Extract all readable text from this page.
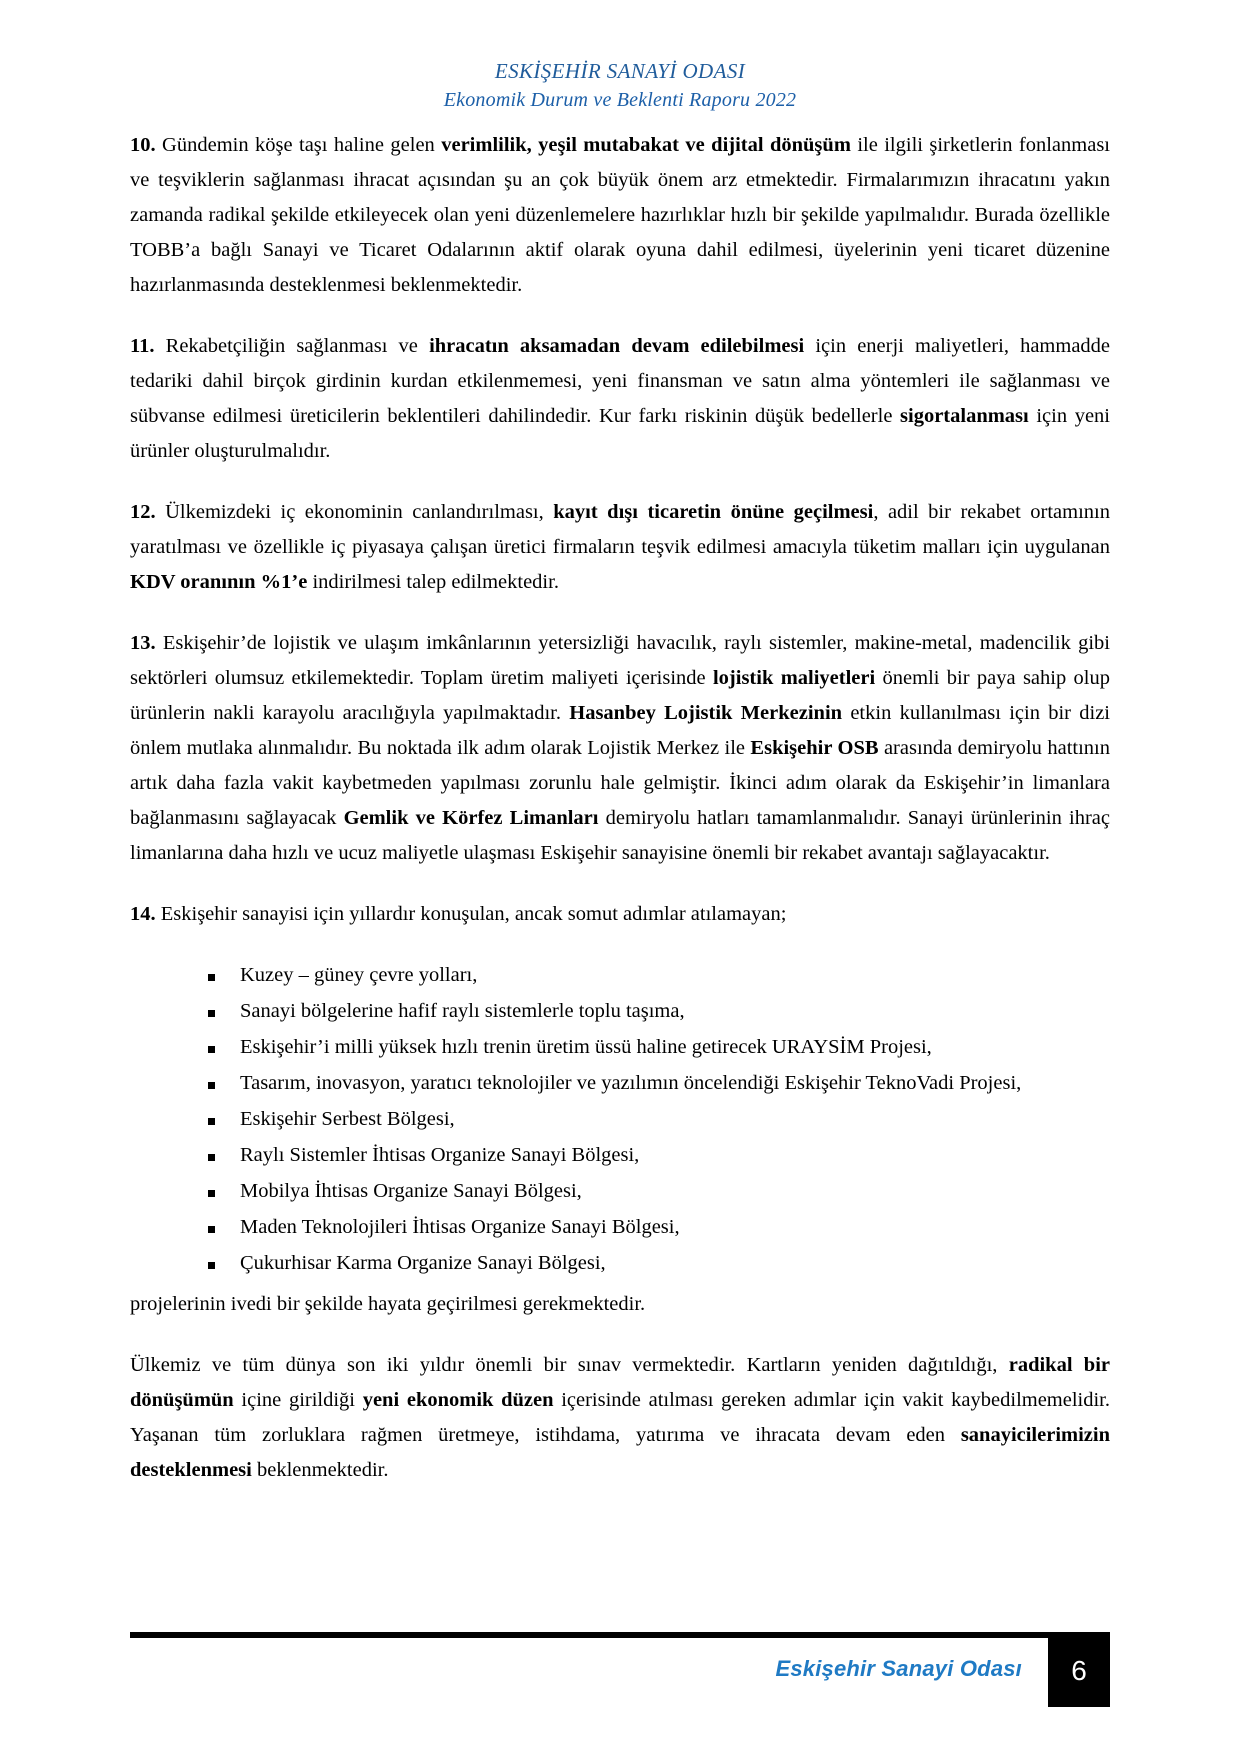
ESKİŞEHİR SANAYİ ODASI
Ekonomik Durum ve Beklenti Raporu 2022

10. Gündemin köşe taşı haline gelen verimlilik, yeşil mutabakat ve dijital dönüşüm ile ilgili şirketlerin fonlanması ve teşviklerin sağlanması ihracat açısından şu an çok büyük önem arz etmektedir. Firmalarımızın ihracatını yakın zamanda radikal şekilde etkileyecek olan yeni düzenlemelere hazırlıklar hızlı bir şekilde yapılmalıdır. Burada özellikle TOBB’a bağlı Sanayi ve Ticaret Odalarının aktif olarak oyuna dahil edilmesi, üyelerinin yeni ticaret düzenine hazırlanmasında desteklenmesi beklenmektedir.

11. Rekabetçiliğin sağlanması ve ihracatın aksamadan devam edilebilmesi için enerji maliyetleri, hammadde tedariki dahil birçok girdinin kurdan etkilenmemesi, yeni finansman ve satın alma yöntemleri ile sağlanması ve sübvanse edilmesi üreticilerin beklentileri dahilindedir. Kur farkı riskinin düşük bedellerle sigortalanması için yeni ürünler oluşturulmalıdır.

12. Ülkemizdeki iç ekonominin canlandırılması, kayıt dışı ticaretin önüne geçilmesi, adil bir rekabet ortamının yaratılması ve özellikle iç piyasaya çalışan üretici firmaların teşvik edilmesi amacıyla tüketim malları için uygulanan KDV oranının %1’e indirilmesi talep edilmektedir.

13. Eskişehir’de lojistik ve ulaşım imkânlarının yetersizliği havacılık, raylı sistemler, makine-metal, madencilik gibi sektörleri olumsuz etkilemektedir. Toplam üretim maliyeti içerisinde lojistik maliyetleri önemli bir paya sahip olup ürünlerin nakli karayolu aracılığıyla yapılmaktadır. Hasanbey Lojistik Merkezinin etkin kullanılması için bir dizi önlem mutlaka alınmalıdır. Bu noktada ilk adım olarak Lojistik Merkez ile Eskişehir OSB arasında demiryolu hattının artık daha fazla vakit kaybetmeden yapılması zorunlu hale gelmiştir. İkinci adım olarak da Eskişehir’in limanlara bağlanmasını sağlayacak Gemlik ve Körfez Limanları demiryolu hatları tamamlanmalıdır. Sanayi ürünlerinin ihraç limanlarına daha hızlı ve ucuz maliyetle ulaşması Eskişehir sanayisine önemli bir rekabet avantajı sağlayacaktır.

14. Eskişehir sanayisi için yıllardır konuşulan, ancak somut adımlar atılamayan;

Kuzey – güney çevre yolları,
Sanayi bölgelerine hafif raylı sistemlerle toplu taşıma,
Eskişehir’i milli yüksek hızlı trenin üretim üssü haline getirecek URAYSİM Projesi,
Tasarım, inovasyon, yaratıcı teknolojiler ve yazılımın öncelendiği Eskişehir TeknoVadi Projesi,
Eskişehir Serbest Bölgesi,
Raylı Sistemler İhtisas Organize Sanayi Bölgesi,
Mobilya İhtisas Organize Sanayi Bölgesi,
Maden Teknolojileri İhtisas Organize Sanayi Bölgesi,
Çukurhisar Karma Organize Sanayi Bölgesi,

projelerinin ivedi bir şekilde hayata geçirilmesi gerekmektedir.

Ülkemiz ve tüm dünya son iki yıldır önemli bir sınav vermektedir. Kartların yeniden dağıtıldığı, radikal bir dönüşümün içine girildiği yeni ekonomik düzen içerisinde atılması gereken adımlar için vakit kaybedilmemelidir. Yaşanan tüm zorluklara rağmen üretmeye, istihdama, yatırıma ve ihracata devam eden sanayicilerimizin desteklenmesi beklenmektedir.

Eskişehir Sanayi Odası	6
